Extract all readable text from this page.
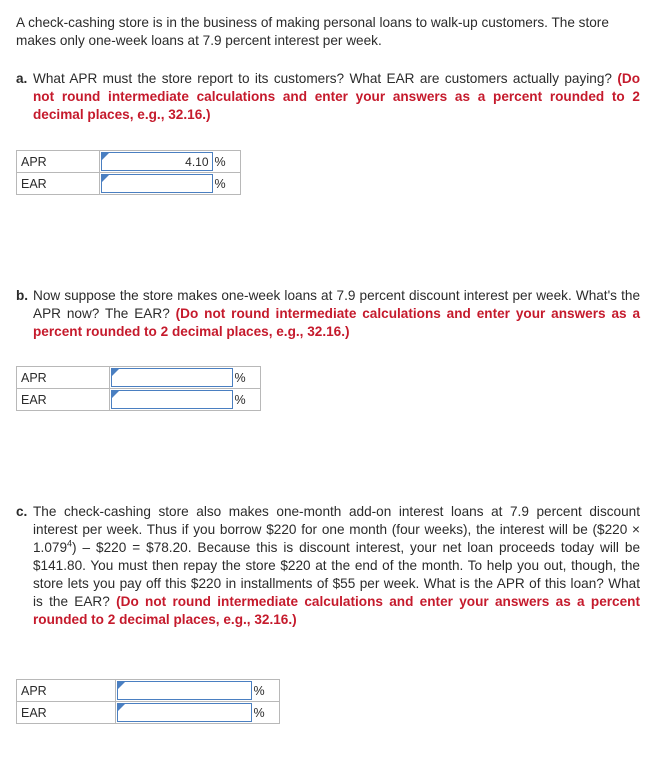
A check-cashing store is in the business of making personal loans to walk-up customers. The store makes only one-week loans at 7.9 percent interest per week.

a. What APR must the store report to its customers? What EAR are customers actually paying? (Do not round intermediate calculations and enter your answers as a percent rounded to 2 decimal places, e.g., 32.16.)

APR	4.10	%
EAR		%
b. Now suppose the store makes one-week loans at 7.9 percent discount interest per week. What's the APR now? The EAR? (Do not round intermediate calculations and enter your answers as a percent rounded to 2 decimal places, e.g., 32.16.)

APR		%
EAR		%
c. The check-cashing store also makes one-month add-on interest loans at 7.9 percent discount interest per week. Thus if you borrow $220 for one month (four weeks), the interest will be ($220 × $1.079^4$) – $220 = $78.20. Because this is discount interest, your net loan proceeds today will be $141.80. You must then repay the store $220 at the end of the month. To help you out, though, the store lets you pay off this $220 in installments of $55 per week. What is the APR of this loan? What is the EAR? (Do not round intermediate calculations and enter your answers as a percent rounded to 2 decimal places, e.g., 32.16.)

APR		%
EAR		%
